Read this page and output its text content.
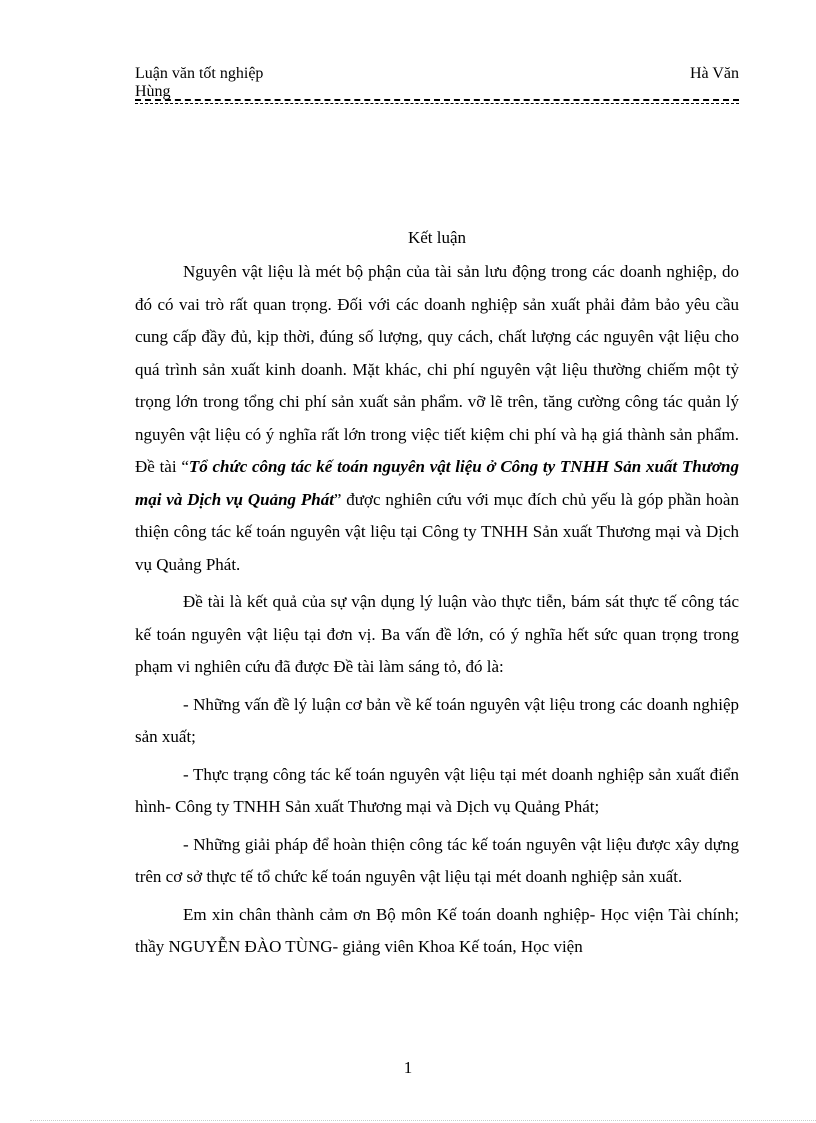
Luận văn tốt nghiệp	Hà Văn
Hùng
Kết luận

Nguyên vật liệu là mét bộ phận của tài sản lưu động trong các doanh nghiệp, do đó có vai trò rất quan trọng. Đối với các doanh nghiệp sản xuất phải đảm bảo yêu cầu cung cấp đầy đủ, kịp thời, đúng số lượng, quy cách, chất lượng các nguyên vật liệu cho quá trình sản xuất kinh doanh. Mặt khác, chi phí nguyên vật liệu thường chiếm một tỷ trọng lớn trong tổng chi phí sản xuất sản phẩm. vỡ lẽ trên, tăng cường công tác quản lý nguyên vật liệu có ý nghĩa rất lớn trong việc tiết kiệm chi phí và hạ giá thành sản phẩm. Đề tài “Tổ chức công tác kế toán nguyên vật liệu ở Công ty TNHH Sản xuất Thương mại và Dịch vụ Quảng Phát” được nghiên cứu với mục đích chủ yếu là góp phần hoàn thiện công tác kế toán nguyên vật liệu tại Công ty TNHH Sản xuất Thương mại và Dịch vụ Quảng Phát.

Đề tài là kết quả của sự vận dụng lý luận vào thực tiễn, bám sát thực tế công tác kế toán nguyên vật liệu tại đơn vị. Ba vấn đề lớn, có ý nghĩa hết sức quan trọng trong phạm vi nghiên cứu đã được Đề tài làm sáng tỏ, đó là:

- Những vấn đề lý luận cơ bản về kế toán nguyên vật liệu trong các doanh nghiệp sản xuất;

- Thực trạng công tác kế toán nguyên vật liệu tại mét doanh nghiệp sản xuất điển hình- Công ty TNHH Sản xuất Thương mại và Dịch vụ Quảng Phát;

- Những giải pháp để hoàn thiện công tác kế toán nguyên vật liệu được xây dựng trên cơ sở thực tế tổ chức kế toán nguyên vật liệu tại mét doanh nghiệp sản xuất.

Em xin chân thành cảm ơn Bộ môn Kế toán doanh nghiệp- Học viện Tài chính; thầy NGUYỄN ĐÀO TÙNG- giảng viên Khoa Kế toán, Học viện

1
